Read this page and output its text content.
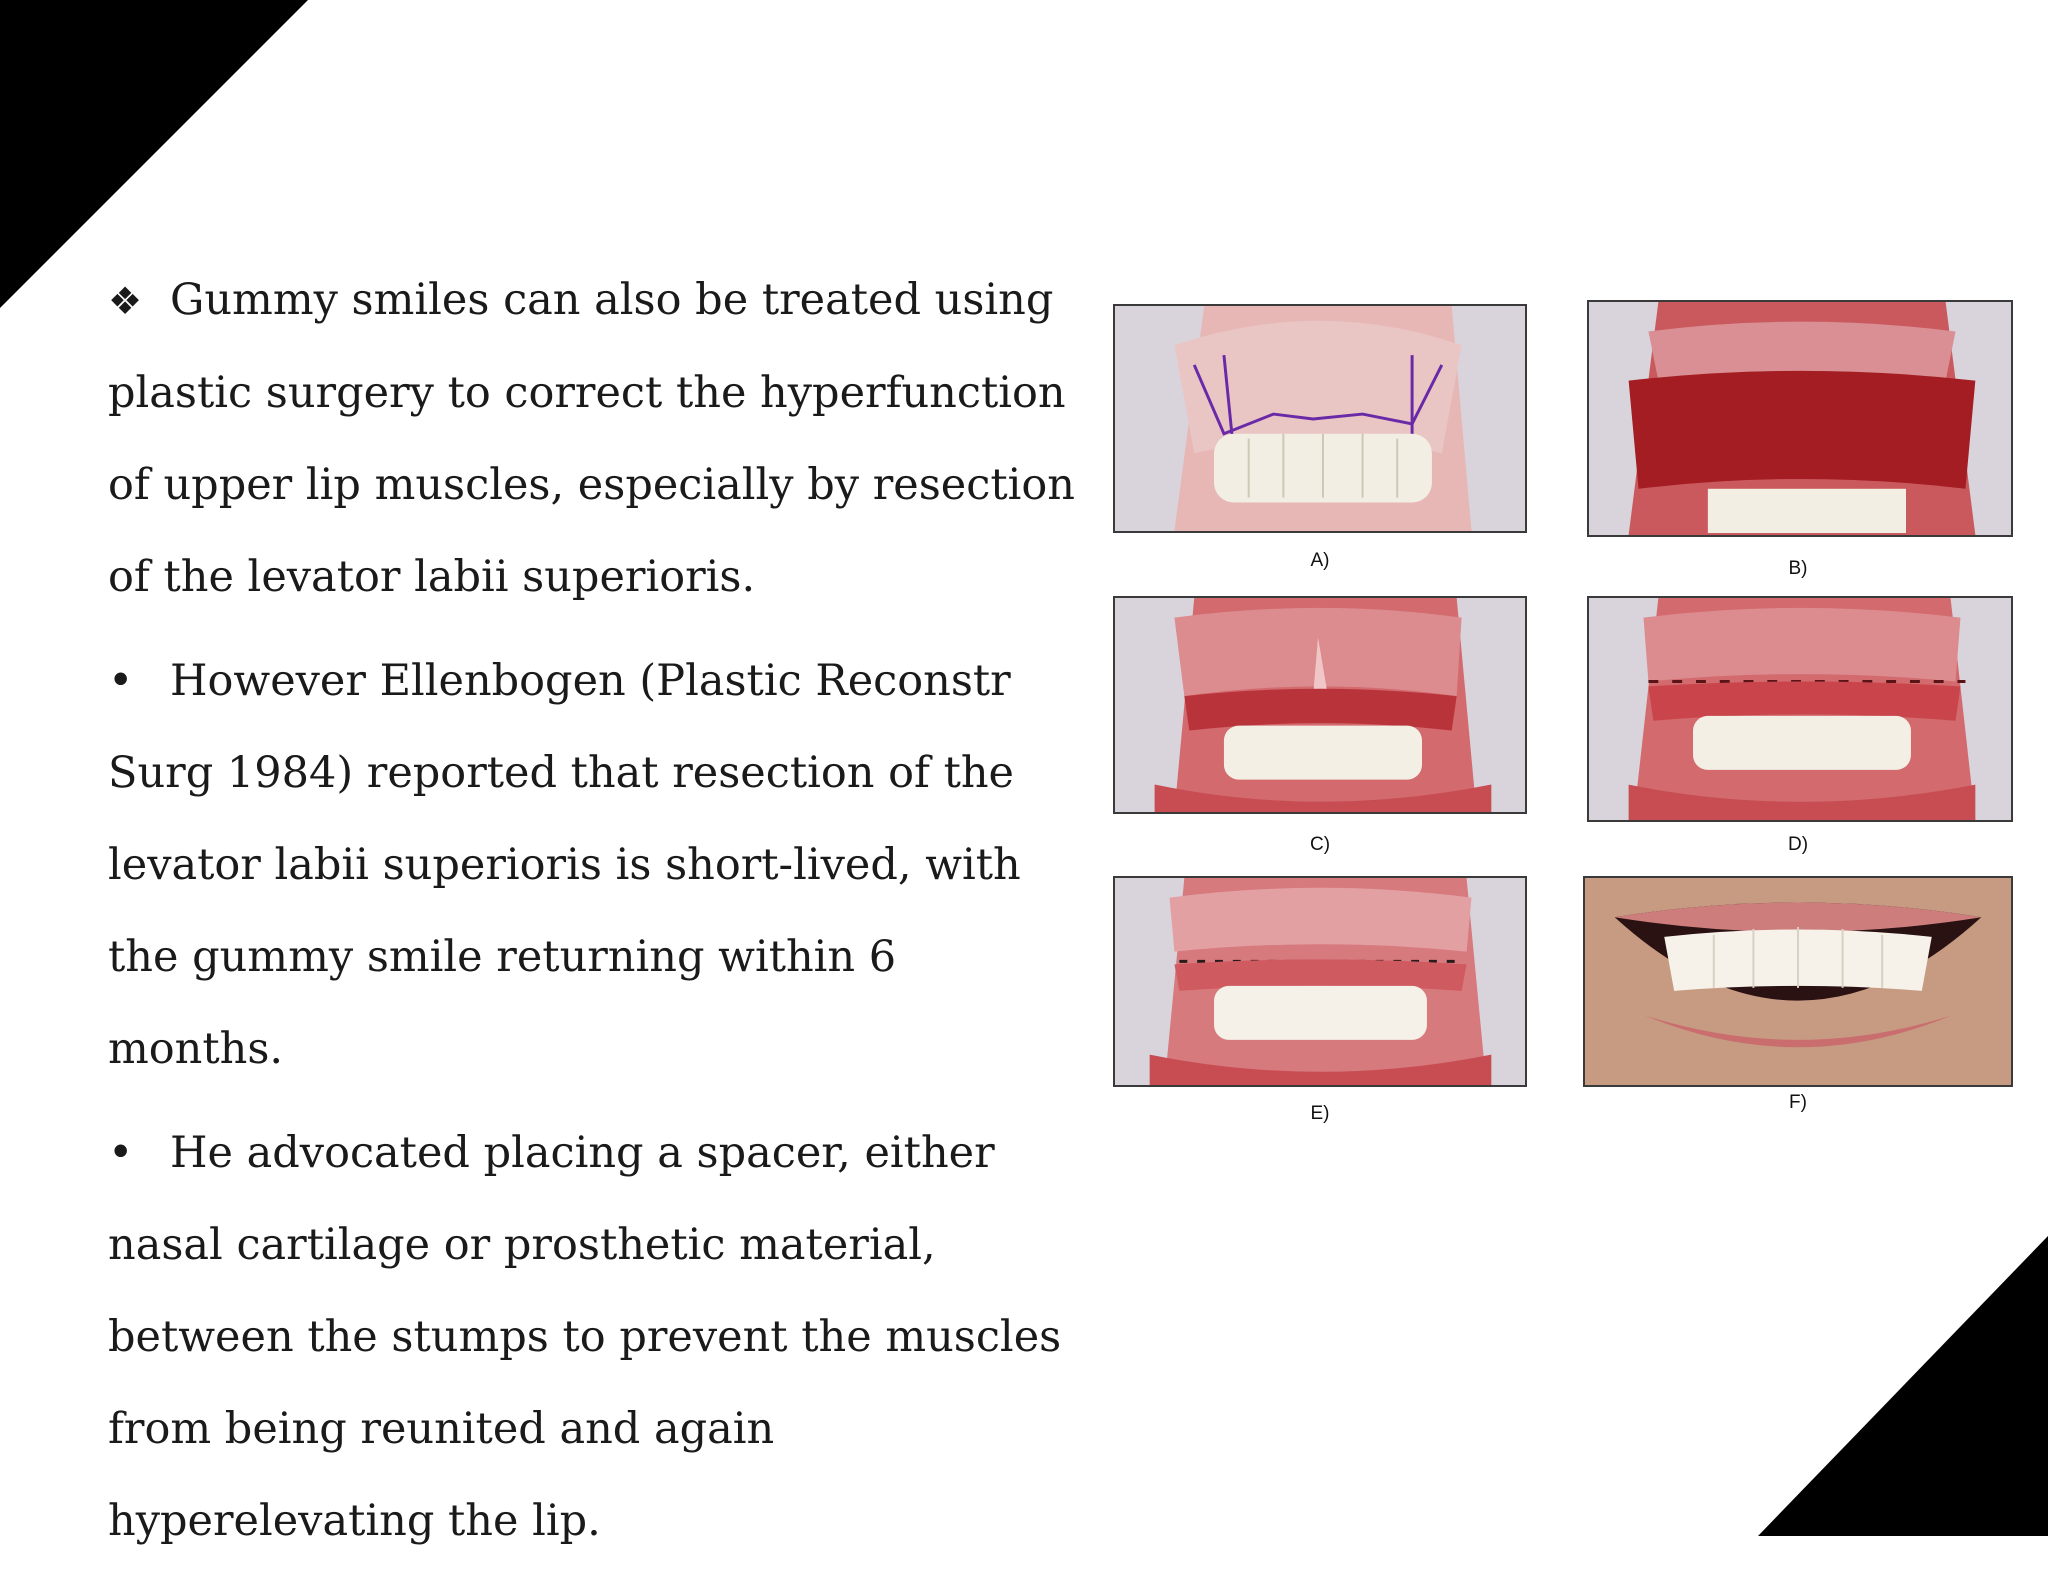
❖ Gummy smiles can also be treated using plastic surgery to correct the hyperfunction of upper lip muscles, especially by resection of the levator labii superioris.

• However Ellenbogen (Plastic Reconstr Surg 1984) reported that resection of the levator labii superioris is short-lived, with the gummy smile returning within 6 months.

• He advocated placing a spacer, either nasal cartilage or prosthetic material, between the stumps to prevent the muscles from being reunited and again hyperelevating the lip.

A)	B)
C)	D)
E)
F)
